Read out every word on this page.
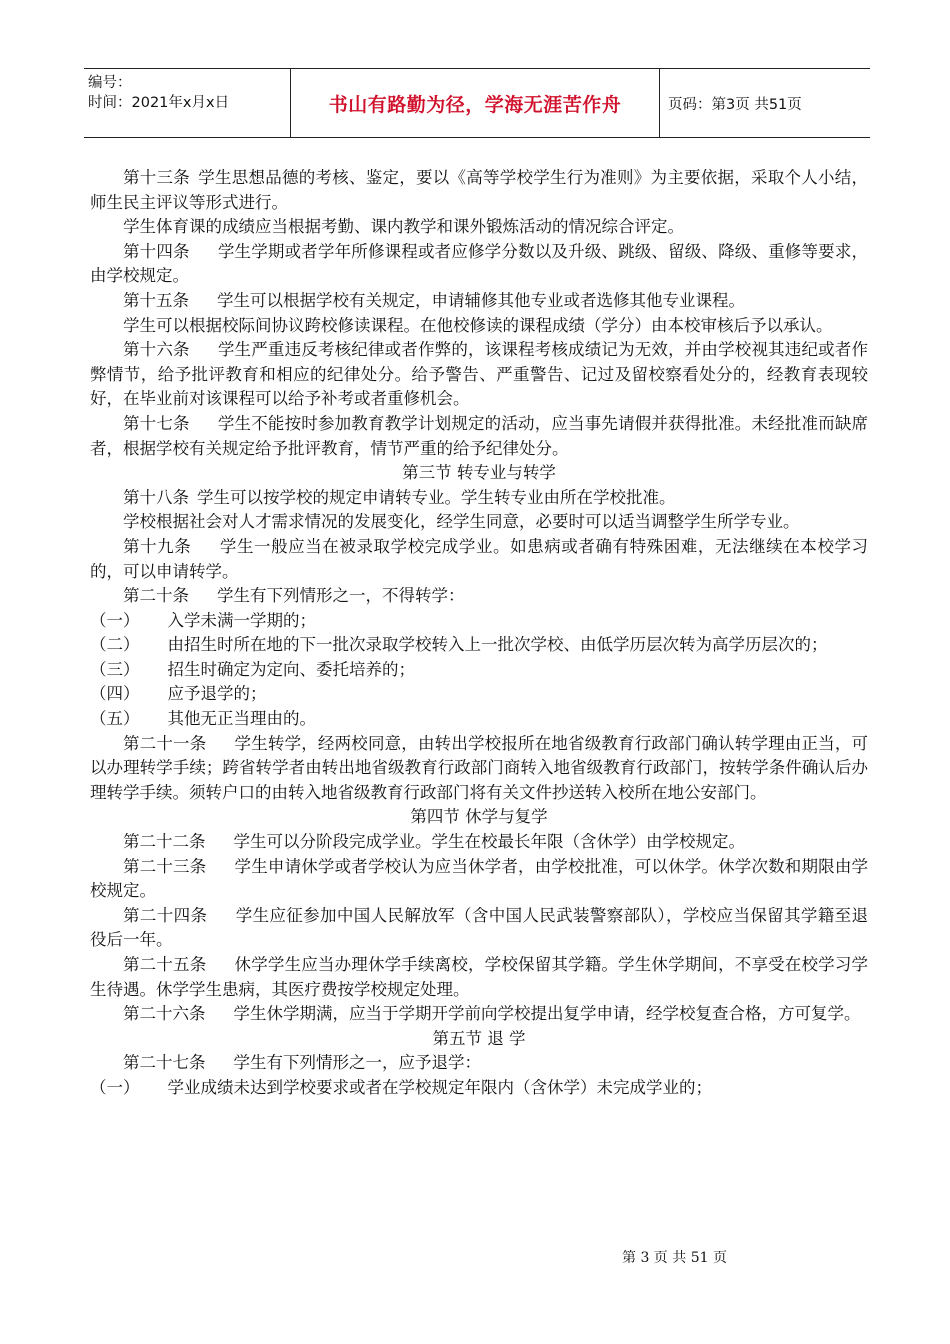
编号：
时间：2021年x月x日	书山有路勤为径，学海无涯苦作舟	页码：第3页 共51页

第十三条 学生思想品德的考核、鉴定，要以《高等学校学生行为准则》为主要依据，采取个人小结，师生民主评议等形式进行。

学生体育课的成绩应当根据考勤、课内教学和课外锻炼活动的情况综合评定。

第十四条 学生学期或者学年所修课程或者应修学分数以及升级、跳级、留级、降级、重修等要求，由学校规定。

第十五条 学生可以根据学校有关规定，申请辅修其他专业或者选修其他专业课程。

学生可以根据校际间协议跨校修读课程。在他校修读的课程成绩（学分）由本校审核后予以承认。

第十六条 学生严重违反考核纪律或者作弊的，该课程考核成绩记为无效，并由学校视其违纪或者作弊情节，给予批评教育和相应的纪律处分。给予警告、严重警告、记过及留校察看处分的，经教育表现较好，在毕业前对该课程可以给予补考或者重修机会。

第十七条 学生不能按时参加教育教学计划规定的活动，应当事先请假并获得批准。未经批准而缺席者，根据学校有关规定给予批评教育，情节严重的给予纪律处分。

第三节 转专业与转学

第十八条 学生可以按学校的规定申请转专业。学生转专业由所在学校批准。

学校根据社会对人才需求情况的发展变化，经学生同意，必要时可以适当调整学生所学专业。

第十九条 学生一般应当在被录取学校完成学业。如患病或者确有特殊困难，无法继续在本校学习的，可以申请转学。

第二十条 学生有下列情形之一，不得转学：

（一） 入学未满一学期的；

（二） 由招生时所在地的下一批次录取学校转入上一批次学校、由低学历层次转为高学历层次的；

（三） 招生时确定为定向、委托培养的；

（四） 应予退学的；

（五） 其他无正当理由的。

第二十一条 学生转学，经两校同意，由转出学校报所在地省级教育行政部门确认转学理由正当，可以办理转学手续；跨省转学者由转出地省级教育行政部门商转入地省级教育行政部门，按转学条件确认后办理转学手续。须转户口的由转入地省级教育行政部门将有关文件抄送转入校所在地公安部门。

第四节 休学与复学

第二十二条 学生可以分阶段完成学业。学生在校最长年限（含休学）由学校规定。

第二十三条 学生申请休学或者学校认为应当休学者，由学校批准，可以休学。休学次数和期限由学校规定。

第二十四条 学生应征参加中国人民解放军（含中国人民武装警察部队），学校应当保留其学籍至退役后一年。

第二十五条 休学学生应当办理休学手续离校，学校保留其学籍。学生休学期间，不享受在校学习学生待遇。休学学生患病，其医疗费按学校规定处理。

第二十六条 学生休学期满，应当于学期开学前向学校提出复学申请，经学校复查合格，方可复学。

第五节 退 学

第二十七条 学生有下列情形之一，应予退学：

（一） 学业成绩未达到学校要求或者在学校规定年限内（含休学）未完成学业的；

第 3 页 共 51 页
